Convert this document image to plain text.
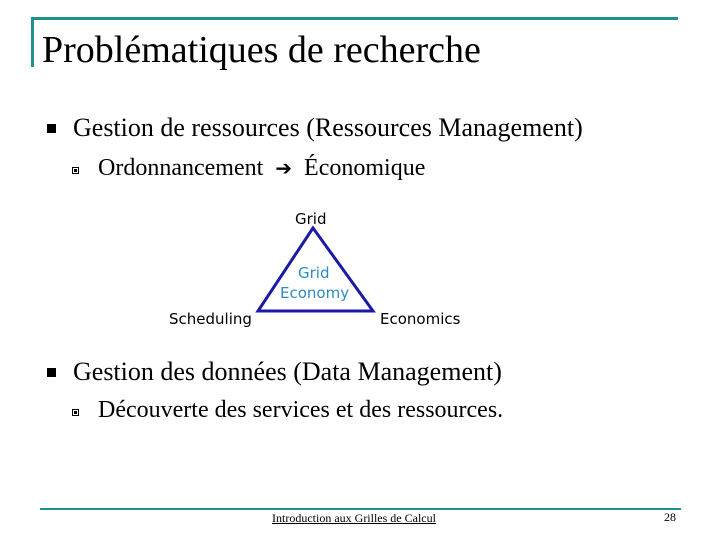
Problématiques de recherche
Gestion de ressources (Ressources Management)
Ordonnancement ➔ Économique
Grid
Grid
Economy
Scheduling	Economics
Gestion des données (Data Management)
Découverte des services et des ressources.
Introduction aux Grilles de Calcul	28
